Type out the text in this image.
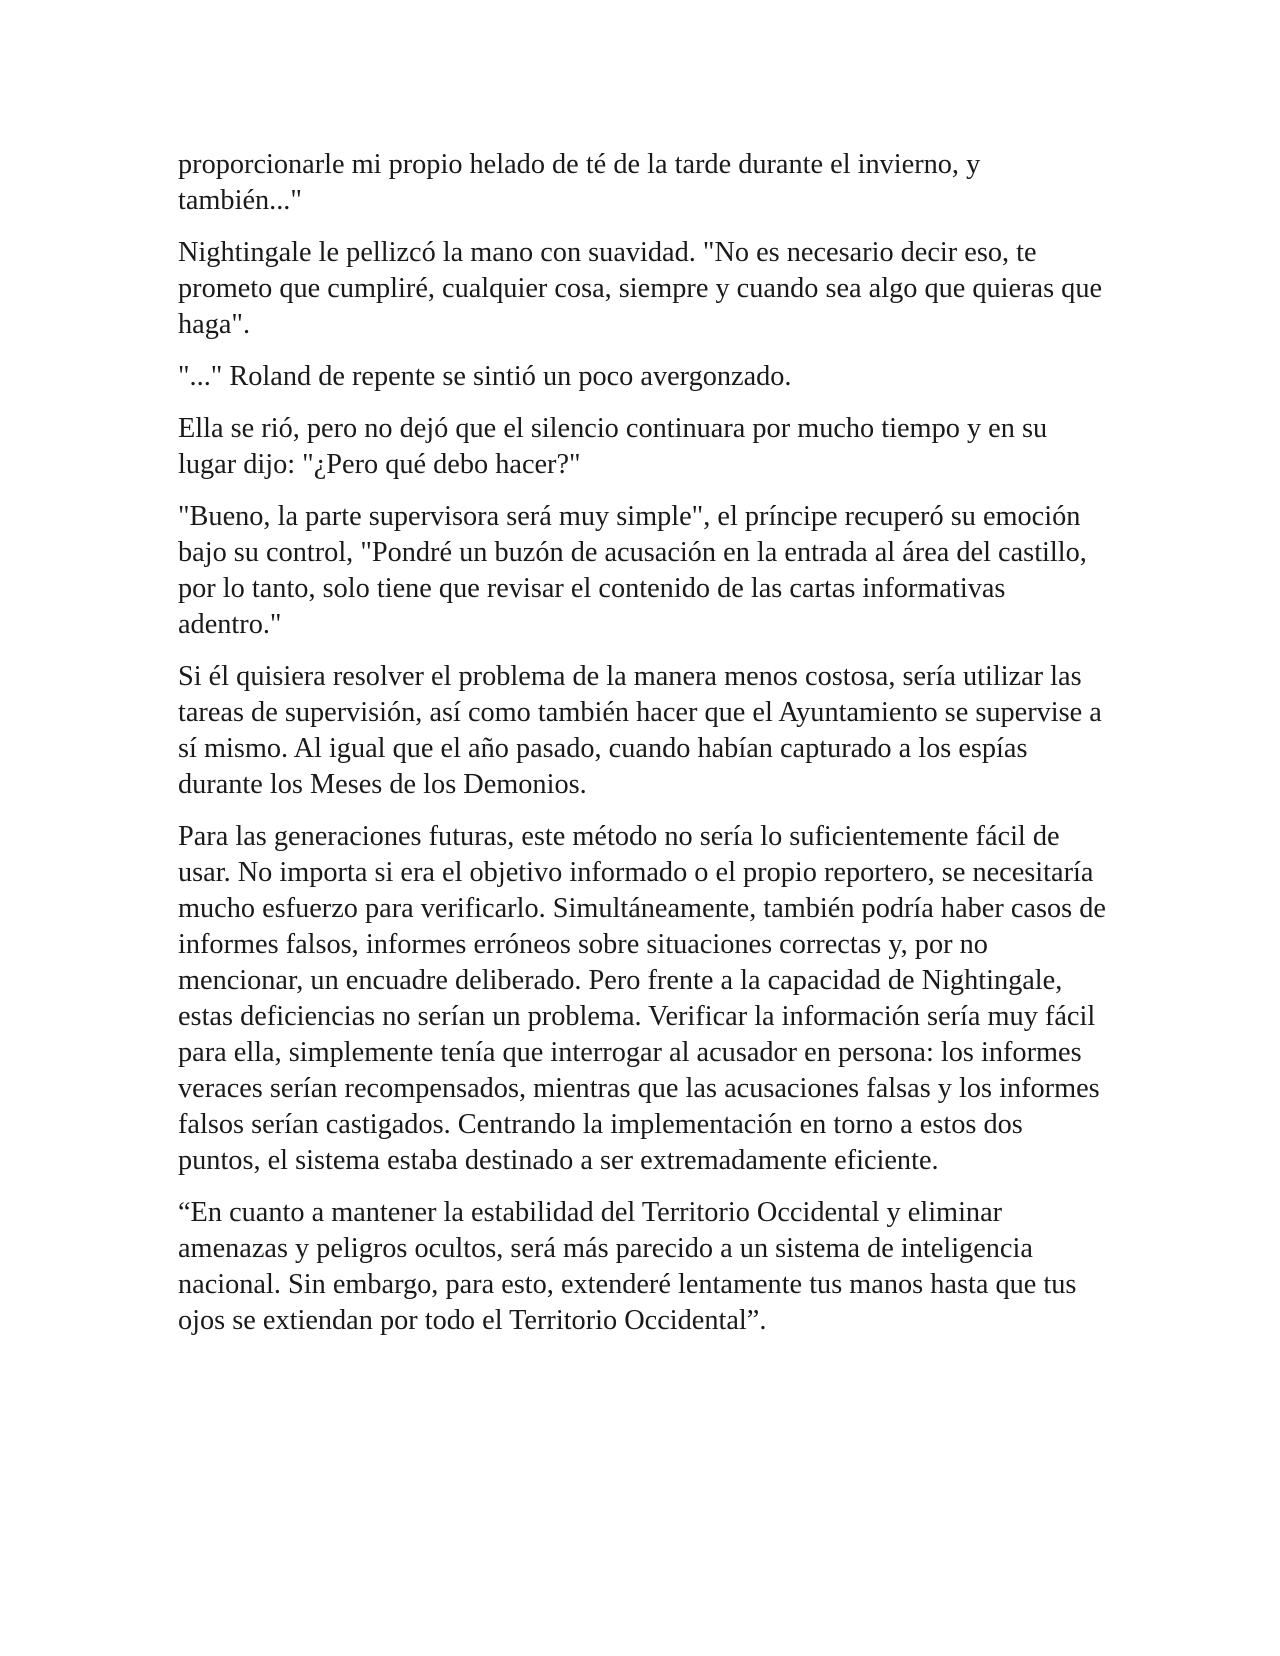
proporcionarle mi propio helado de té de la tarde durante el invierno, y también..."

Nightingale le pellizcó la mano con suavidad. "No es necesario decir eso, te prometo que cumpliré, cualquier cosa, siempre y cuando sea algo que quieras que haga".

"..." Roland de repente se sintió un poco avergonzado.

Ella se rió, pero no dejó que el silencio continuara por mucho tiempo y en su lugar dijo: "¿Pero qué debo hacer?"

"Bueno, la parte supervisora será muy simple", el príncipe recuperó su emoción bajo su control, "Pondré un buzón de acusación en la entrada al área del castillo, por lo tanto, solo tiene que revisar el contenido de las cartas informativas adentro."

Si él quisiera resolver el problema de la manera menos costosa, sería utilizar las tareas de supervisión, así como también hacer que el Ayuntamiento se supervise a sí mismo. Al igual que el año pasado, cuando habían capturado a los espías durante los Meses de los Demonios.

Para las generaciones futuras, este método no sería lo suficientemente fácil de usar. No importa si era el objetivo informado o el propio reportero, se necesitaría mucho esfuerzo para verificarlo. Simultáneamente, también podría haber casos de informes falsos, informes erróneos sobre situaciones correctas y, por no mencionar, un encuadre deliberado. Pero frente a la capacidad de Nightingale, estas deficiencias no serían un problema. Verificar la información sería muy fácil para ella, simplemente tenía que interrogar al acusador en persona: los informes veraces serían recompensados, mientras que las acusaciones falsas y los informes falsos serían castigados. Centrando la implementación en torno a estos dos puntos, el sistema estaba destinado a ser extremadamente eficiente.

“En cuanto a mantener la estabilidad del Territorio Occidental y eliminar amenazas y peligros ocultos, será más parecido a un sistema de inteligencia nacional. Sin embargo, para esto, extenderé lentamente tus manos hasta que tus ojos se extiendan por todo el Territorio Occidental”.
